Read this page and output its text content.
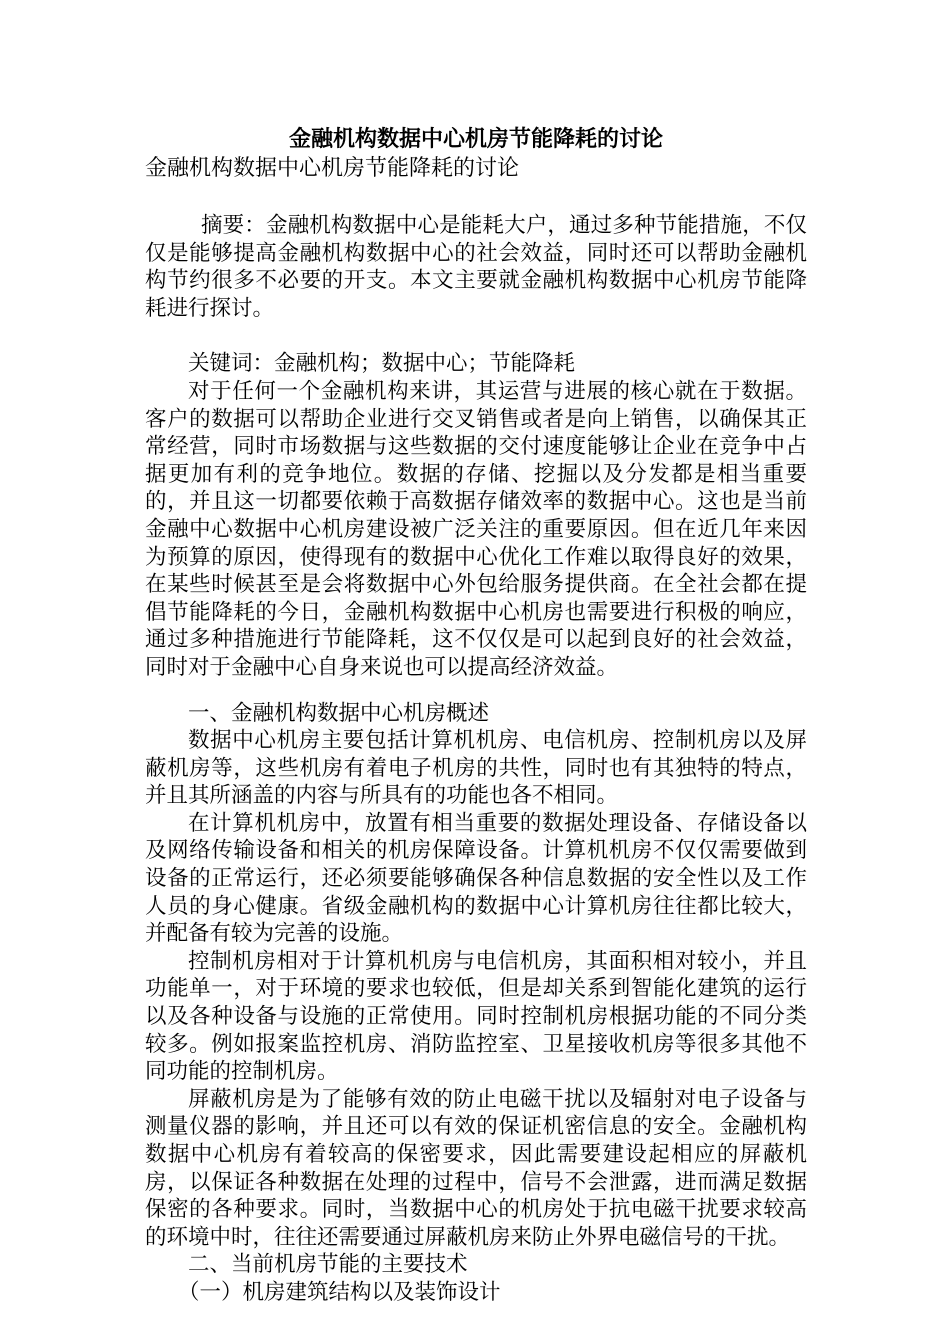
金融机构数据中心机房节能降耗的讨论

金融机构数据中心机房节能降耗的讨论

摘要：金融机构数据中心是能耗大户，通过多种节能措施，不仅仅是能够提高金融机构数据中心的社会效益，同时还可以帮助金融机构节约很多不必要的开支。本文主要就金融机构数据中心机房节能降耗进行探讨。

关键词：金融机构；数据中心；节能降耗

对于任何一个金融机构来讲，其运营与进展的核心就在于数据。客户的数据可以帮助企业进行交叉销售或者是向上销售，以确保其正常经营，同时市场数据与这些数据的交付速度能够让企业在竞争中占据更加有利的竞争地位。数据的存储、挖掘以及分发都是相当重要的，并且这一切都要依赖于高数据存储效率的数据中心。这也是当前金融中心数据中心机房建设被广泛关注的重要原因。但在近几年来因为预算的原因，使得现有的数据中心优化工作难以取得良好的效果，在某些时候甚至是会将数据中心外包给服务提供商。在全社会都在提倡节能降耗的今日，金融机构数据中心机房也需要进行积极的响应，通过多种措施进行节能降耗，这不仅仅是可以起到良好的社会效益，同时对于金融中心自身来说也可以提高经济效益。

一、金融机构数据中心机房概述

数据中心机房主要包括计算机机房、电信机房、控制机房以及屏蔽机房等，这些机房有着电子机房的共性，同时也有其独特的特点，并且其所涵盖的内容与所具有的功能也各不相同。

在计算机机房中，放置有相当重要的数据处理设备、存储设备以及网络传输设备和相关的机房保障设备。计算机机房不仅仅需要做到设备的正常运行，还必须要能够确保各种信息数据的安全性以及工作人员的身心健康。省级金融机构的数据中心计算机房往往都比较大，并配备有较为完善的设施。

控制机房相对于计算机机房与电信机房，其面积相对较小，并且功能单一，对于环境的要求也较低，但是却关系到智能化建筑的运行以及各种设备与设施的正常使用。同时控制机房根据功能的不同分类较多。例如报案监控机房、消防监控室、卫星接收机房等很多其他不同功能的控制机房。

屏蔽机房是为了能够有效的防止电磁干扰以及辐射对电子设备与测量仪器的影响，并且还可以有效的保证机密信息的安全。金融机构数据中心机房有着较高的保密要求，因此需要建设起相应的屏蔽机房，以保证各种数据在处理的过程中，信号不会泄露，进而满足数据保密的各种要求。同时，当数据中心的机房处于抗电磁干扰要求较高的环境中时，往往还需要通过屏蔽机房来防止外界电磁信号的干扰。

二、当前机房节能的主要技术

（一）机房建筑结构以及装饰设计
